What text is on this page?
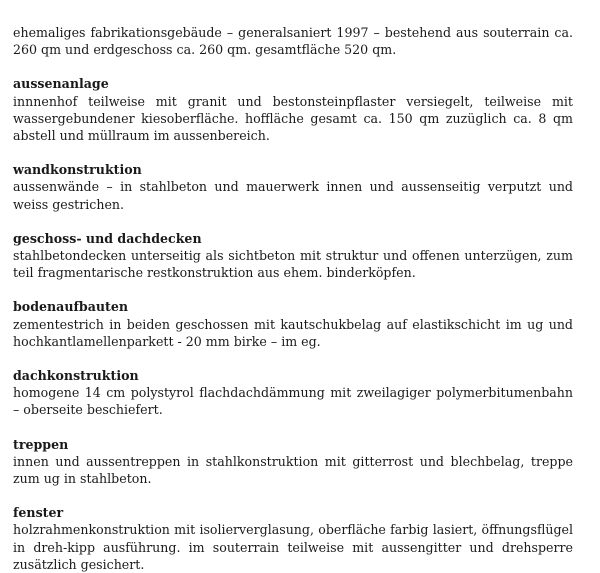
ehemaliges fabrikationsgebäude – generalsaniert 1997 – bestehend aus souterrain ca. 260 qm und erdgeschoss ca. 260 qm. gesamtfläche 520 qm.
aussenanlage
innnenhof teilweise mit granit und bestonsteinpflaster versiegelt, teilweise mit wassergebundener kiesoberfläche. hoffläche gesamt ca. 150 qm zuzüglich ca. 8 qm abstell und müllraum im aussenbereich.
wandkonstruktion
aussenwände – in stahlbeton und mauerwerk innen und aussenseitig verputzt und weiss gestrichen.
geschoss- und dachdecken
stahlbetondecken unterseitig als sichtbeton mit struktur und offenen unterzügen, zum teil fragmentarische restkonstruktion aus ehem. binderköpfen.
bodenaufbauten
zementestrich in beiden geschossen mit kautschukbelag auf elastikschicht im ug und hochkantlamellenparkett - 20 mm birke – im eg.
dachkonstruktion
homogene 14 cm polystyrol flachdachdämmung mit zweilagiger polymerbitumenbahn – oberseite beschiefert.
treppen
innen und aussentreppen in stahlkonstruktion mit gitterrost und blechbelag, treppe zum ug in stahlbeton.
fenster
holzrahmenkonstruktion mit isolierverglasung, oberfläche farbig lasiert, öffnungsflügel in dreh-kipp ausführung. im souterrain teilweise mit aussengitter und drehsperre zusätzlich gesichert.
